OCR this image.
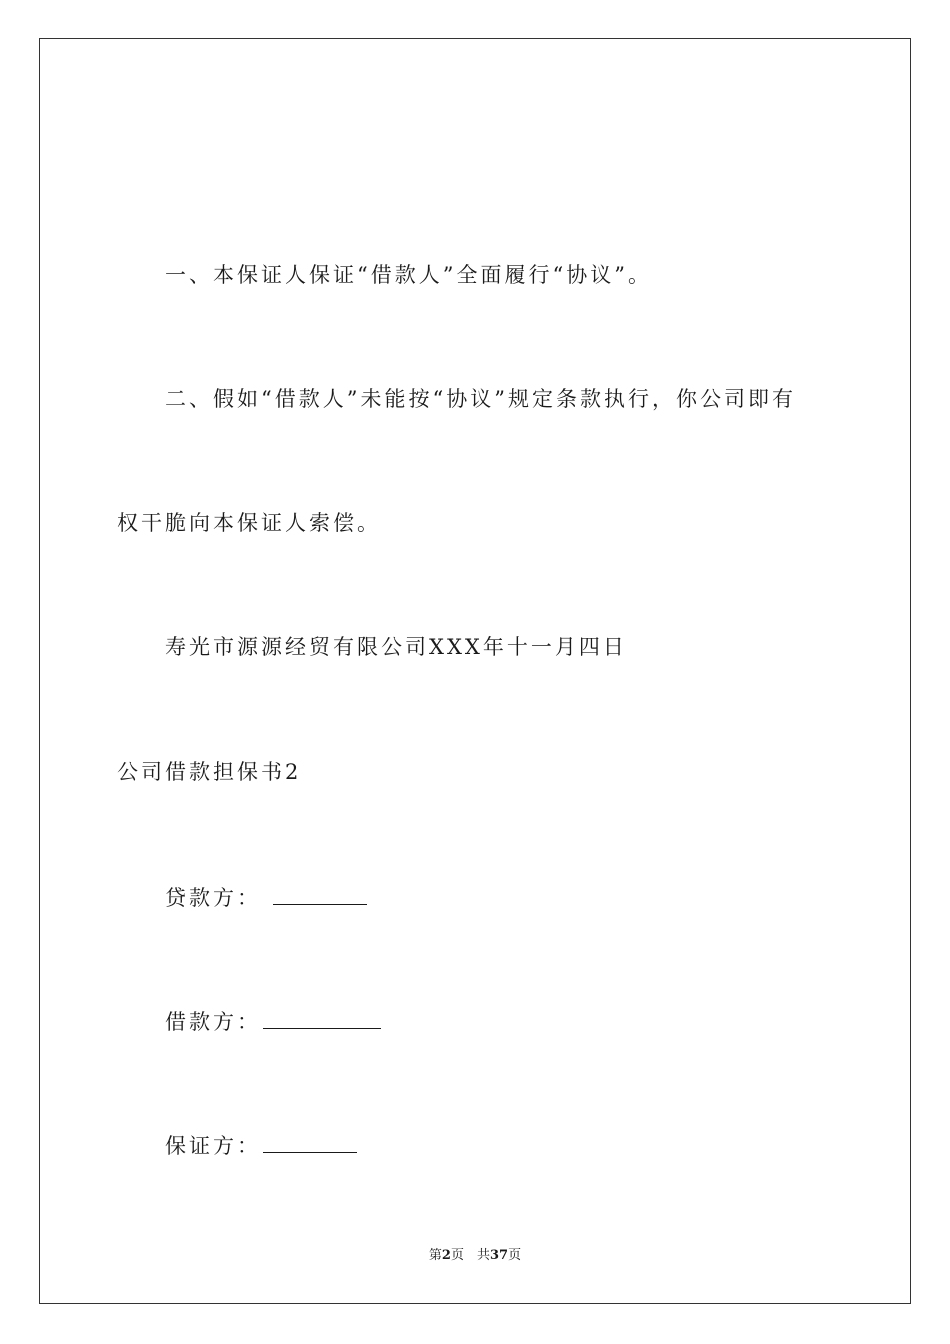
一、本保证人保证“借款人”全面履行“协议”。
二、假如“借款人”未能按“协议”规定条款执行，你公司即有
权干脆向本保证人索偿。
寿光市源源经贸有限公司XXX年十一月四日
公司借款担保书2
贷款方：
借款方：
保证方：
第2页　共37页
